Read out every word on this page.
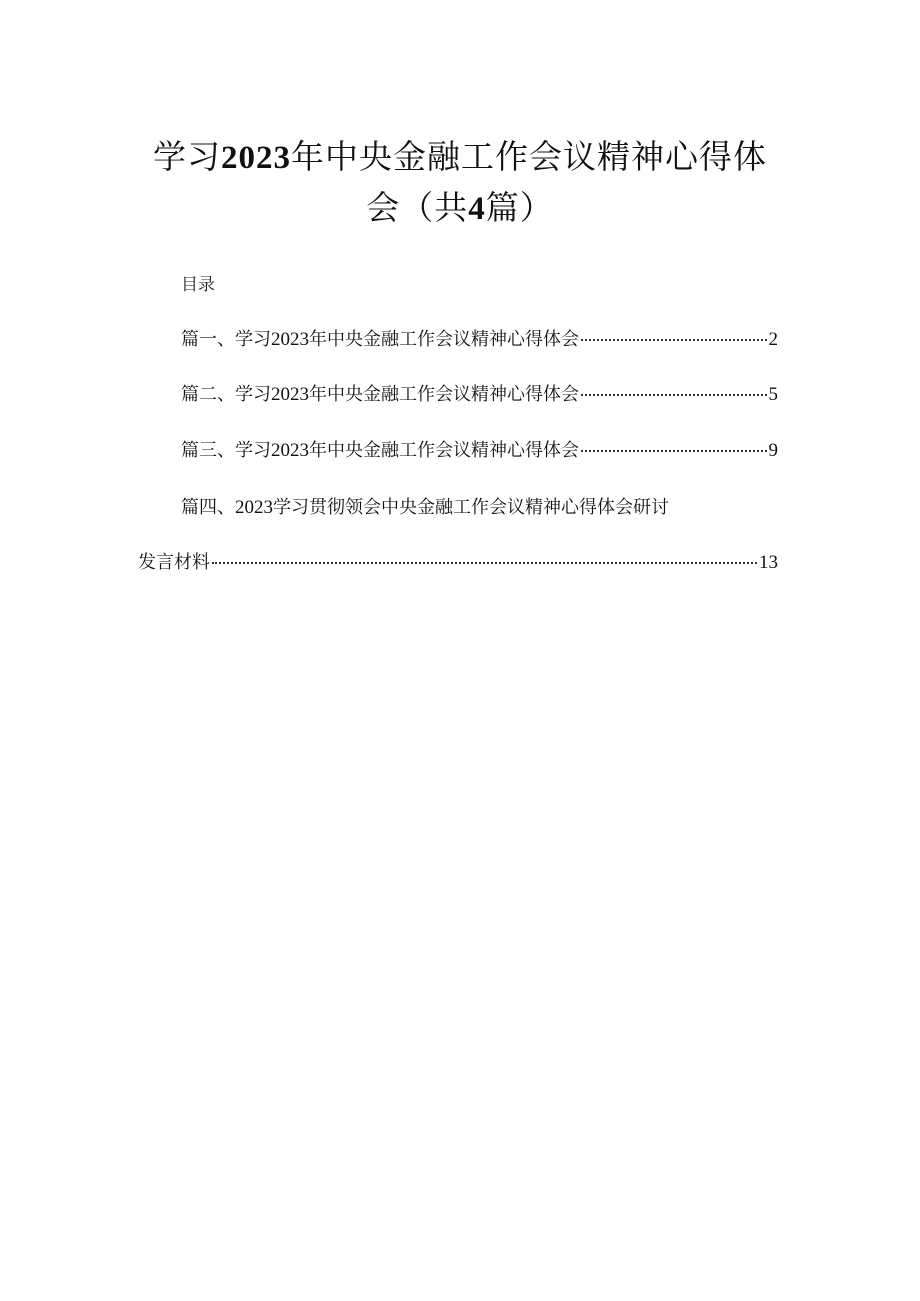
学习2023年中央金融工作会议精神心得体
会（共4篇）
目录
篇一、学习2023年中央金融工作会议精神心得体会	2
篇二、学习2023年中央金融工作会议精神心得体会	5
篇三、学习2023年中央金融工作会议精神心得体会	9
篇四、2023学习贯彻领会中央金融工作会议精神心得体会研讨
发言材料	13
